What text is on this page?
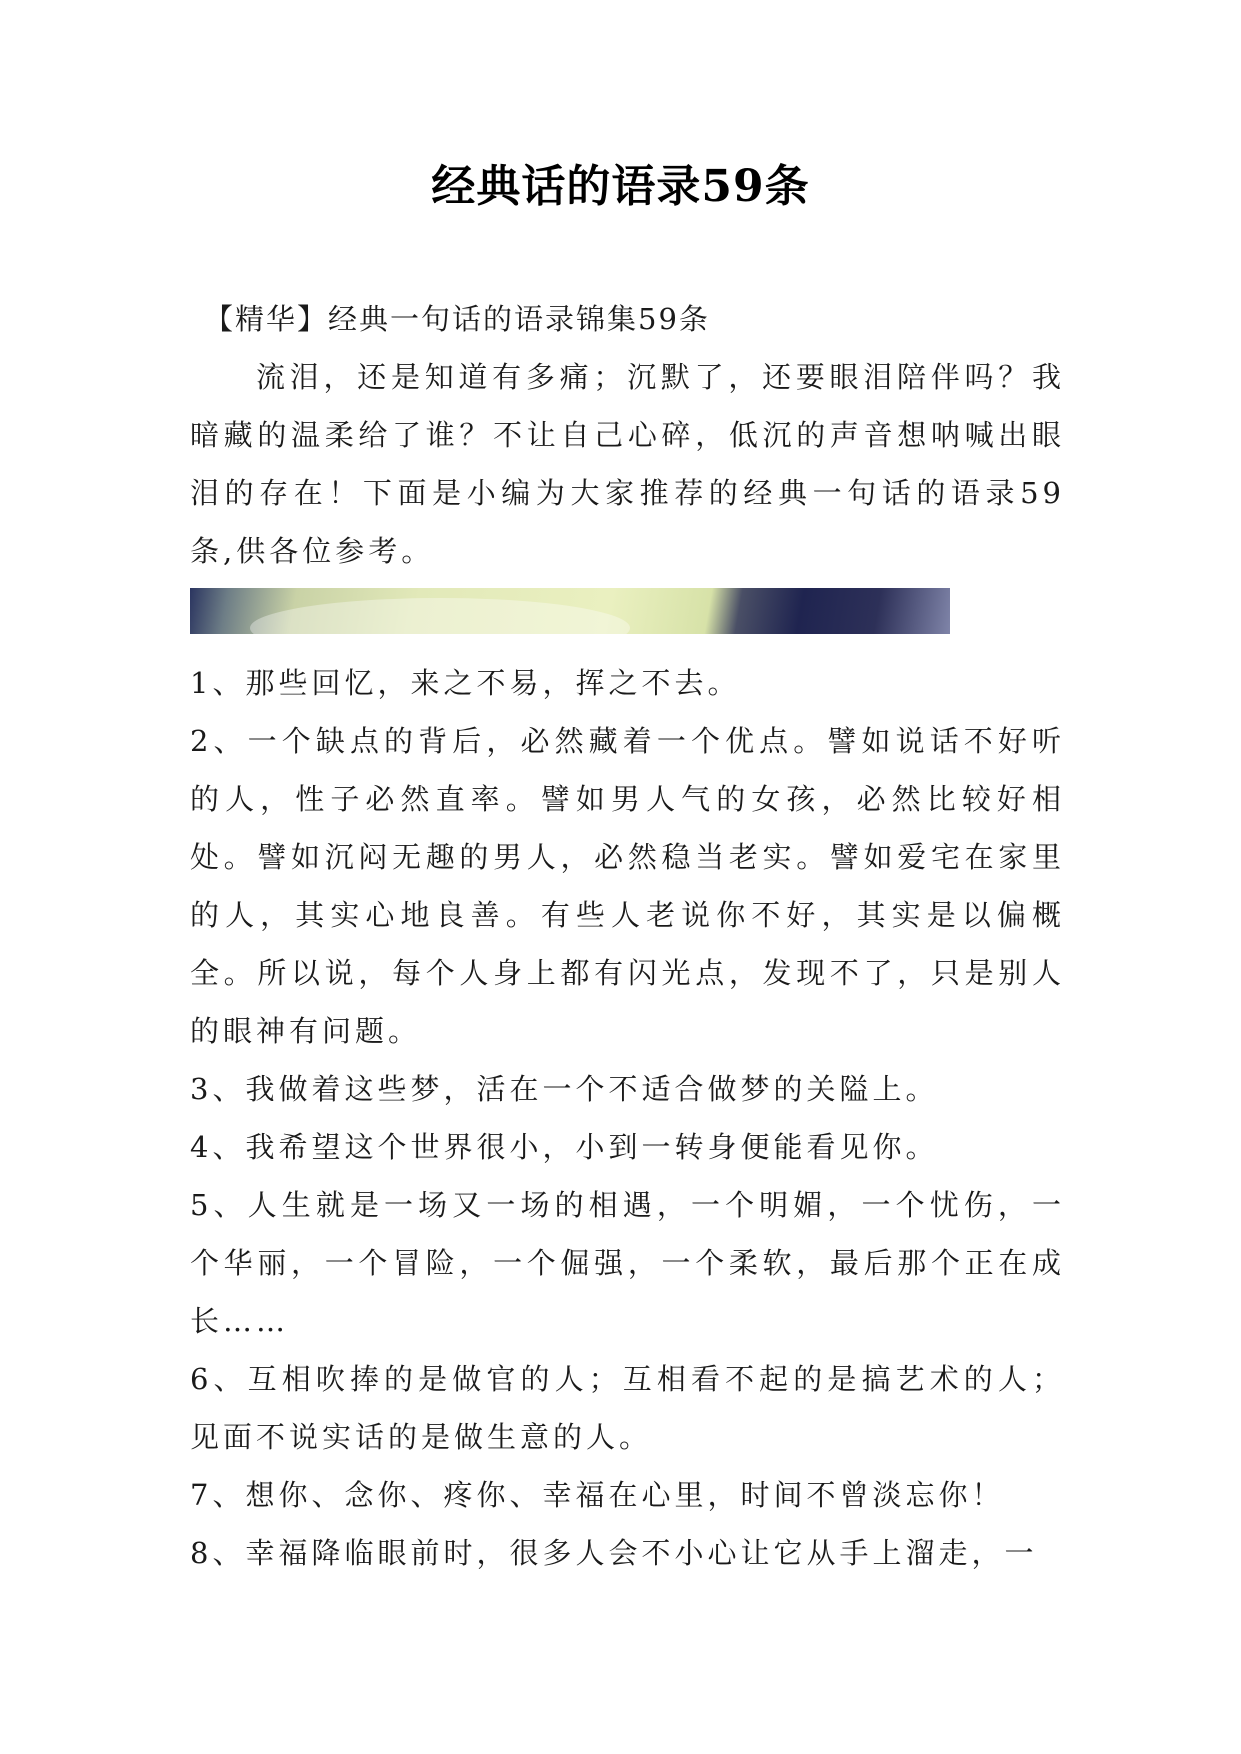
经典话的语录59条
【精华】经典一句话的语录锦集59条

流泪，还是知道有多痛；沉默了，还要眼泪陪伴吗？我暗藏的温柔给了谁？不让自己心碎，低沉的声音想呐喊出眼泪的存在！下面是小编为大家推荐的经典一句话的语录59条,供各位参考。

1、那些回忆，来之不易，挥之不去。

2、一个缺点的背后，必然藏着一个优点。譬如说话不好听的人，性子必然直率。譬如男人气的女孩，必然比较好相处。譬如沉闷无趣的男人，必然稳当老实。譬如爱宅在家里的人，其实心地良善。有些人老说你不好，其实是以偏概全。所以说，每个人身上都有闪光点，发现不了，只是别人的眼神有问题。

3、我做着这些梦，活在一个不适合做梦的关隘上。

4、我希望这个世界很小，小到一转身便能看见你。

5、人生就是一场又一场的相遇，一个明媚，一个忧伤，一个华丽，一个冒险，一个倔强，一个柔软，最后那个正在成长……

6、互相吹捧的是做官的人；互相看不起的是搞艺术的人；见面不说实话的是做生意的人。

7、想你、念你、疼你、幸福在心里，时间不曾淡忘你！

8、幸福降临眼前时，很多人会不小心让它从手上溜走，一
